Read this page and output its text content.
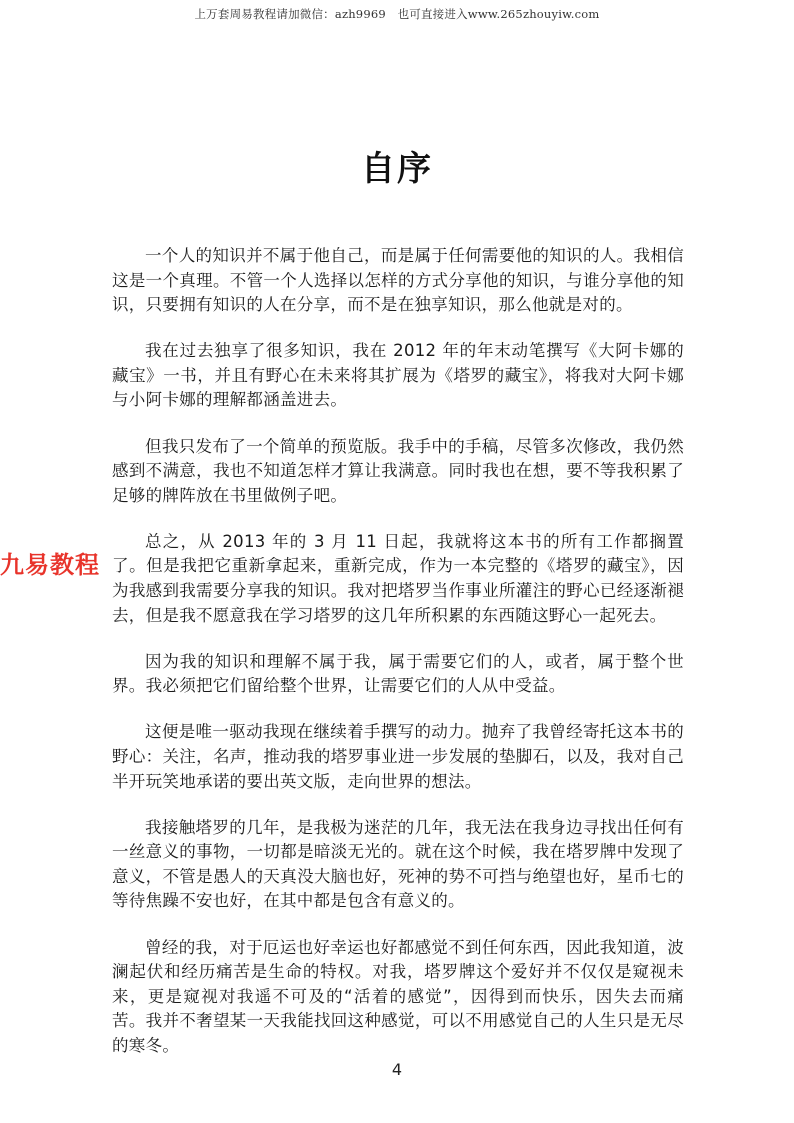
上万套周易教程请加微信：azh9969　也可直接进入www.265zhouyiw.com
自序

一个人的知识并不属于他自己，而是属于任何需要他的知识的人。我相信这是一个真理。不管一个人选择以怎样的方式分享他的知识，与谁分享他的知识，只要拥有知识的人在分享，而不是在独享知识，那么他就是对的。

我在过去独享了很多知识，我在 2012 年的年末动笔撰写《大阿卡娜的藏宝》一书，并且有野心在未来将其扩展为《塔罗的藏宝》，将我对大阿卡娜与小阿卡娜的理解都涵盖进去。

但我只发布了一个简单的预览版。我手中的手稿，尽管多次修改，我仍然感到不满意，我也不知道怎样才算让我满意。同时我也在想，要不等我积累了足够的牌阵放在书里做例子吧。

总之，从 2013 年的 3 月 11 日起，我就将这本书的所有工作都搁置了。但是我把它重新拿起来，重新完成，作为一本完整的《塔罗的藏宝》，因为我感到我需要分享我的知识。我对把塔罗当作事业所灌注的野心已经逐渐褪去，但是我不愿意我在学习塔罗的这几年所积累的东西随这野心一起死去。

因为我的知识和理解不属于我，属于需要它们的人，或者，属于整个世界。我必须把它们留给整个世界，让需要它们的人从中受益。

这便是唯一驱动我现在继续着手撰写的动力。抛弃了我曾经寄托这本书的野心：关注，名声，推动我的塔罗事业进一步发展的垫脚石，以及，我对自己半开玩笑地承诺的要出英文版，走向世界的想法。

我接触塔罗的几年，是我极为迷茫的几年，我无法在我身边寻找出任何有一丝意义的事物，一切都是暗淡无光的。就在这个时候，我在塔罗牌中发现了意义，不管是愚人的天真没大脑也好，死神的势不可挡与绝望也好，星币七的等待焦躁不安也好，在其中都是包含有意义的。

曾经的我，对于厄运也好幸运也好都感觉不到任何东西，因此我知道，波澜起伏和经历痛苦是生命的特权。对我，塔罗牌这个爱好并不仅仅是窥视未来，更是窥视对我遥不可及的“活着的感觉”，因得到而快乐，因失去而痛苦。我并不奢望某一天我能找回这种感觉，可以不用感觉自己的人生只是无尽的寒冬。

九易教程
4
